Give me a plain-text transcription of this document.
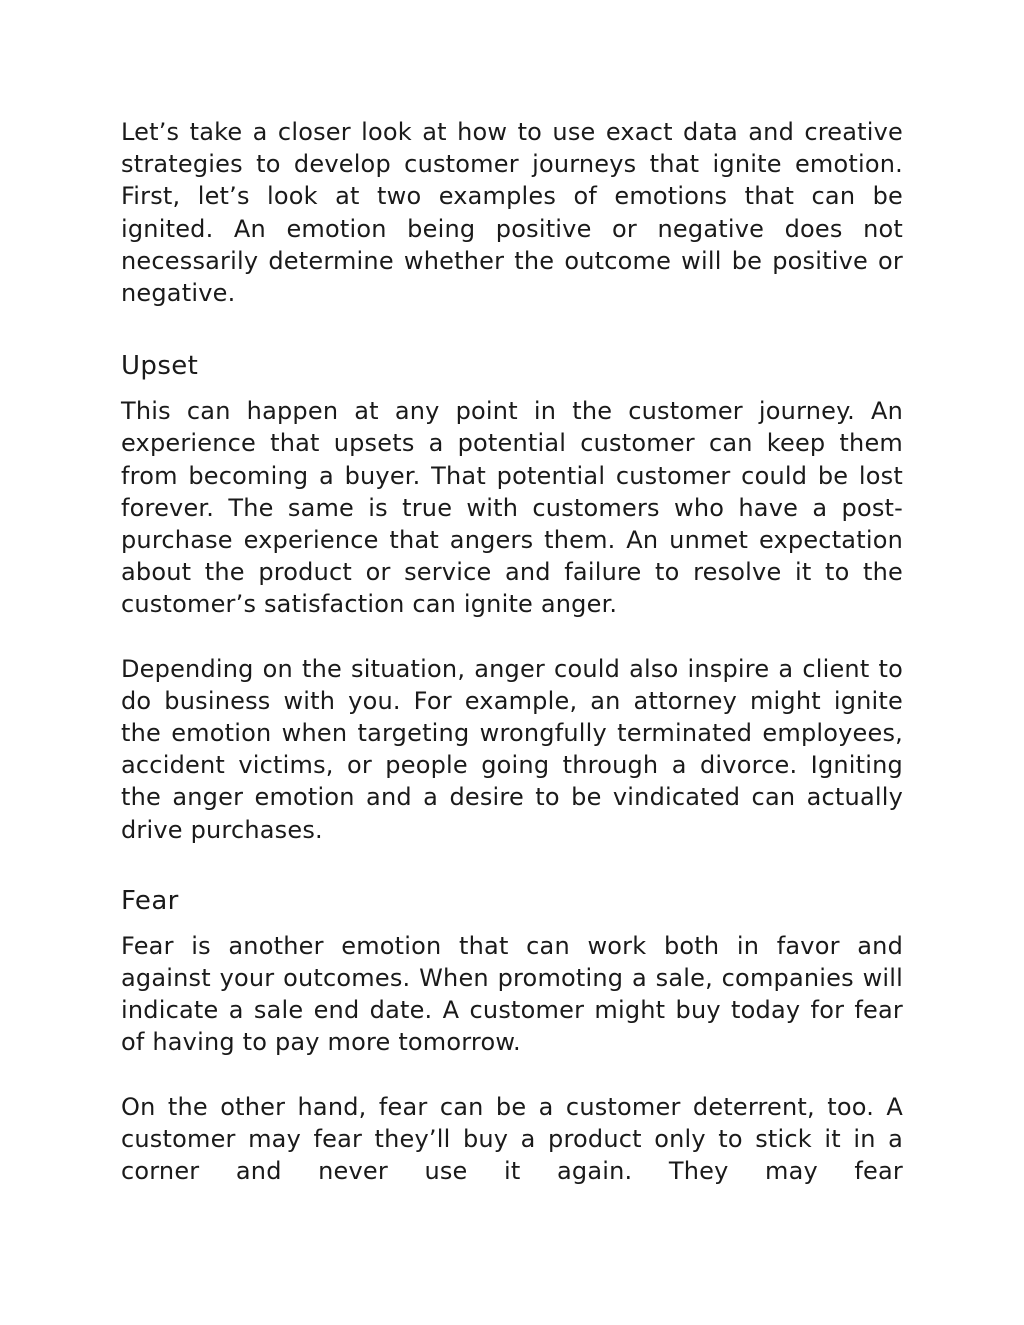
Let’s take a closer look at how to use exact data and creative strategies to develop customer journeys that ignite emotion. First, let’s look at two examples of emotions that can be ignited. An emotion being positive or negative does not necessarily determine whether the outcome will be positive or negative.

Upset

This can happen at any point in the customer journey. An experience that upsets a potential customer can keep them from becoming a buyer. That potential customer could be lost forever. The same is true with customers who have a post-purchase experience that angers them. An unmet expectation about the product or service and failure to resolve it to the customer’s satisfaction can ignite anger.

Depending on the situation, anger could also inspire a client to do business with you. For example, an attorney might ignite the emotion when targeting wrongfully terminated employees, accident victims, or people going through a divorce. Igniting the anger emotion and a desire to be vindicated can actually drive purchases.

Fear

Fear is another emotion that can work both in favor and against your outcomes. When promoting a sale, companies will indicate a sale end date. A customer might buy today for fear of having to pay more tomorrow.

On the other hand, fear can be a customer deterrent, too. A customer may fear they’ll buy a product only to stick it in a corner and never use it again. They may fear
